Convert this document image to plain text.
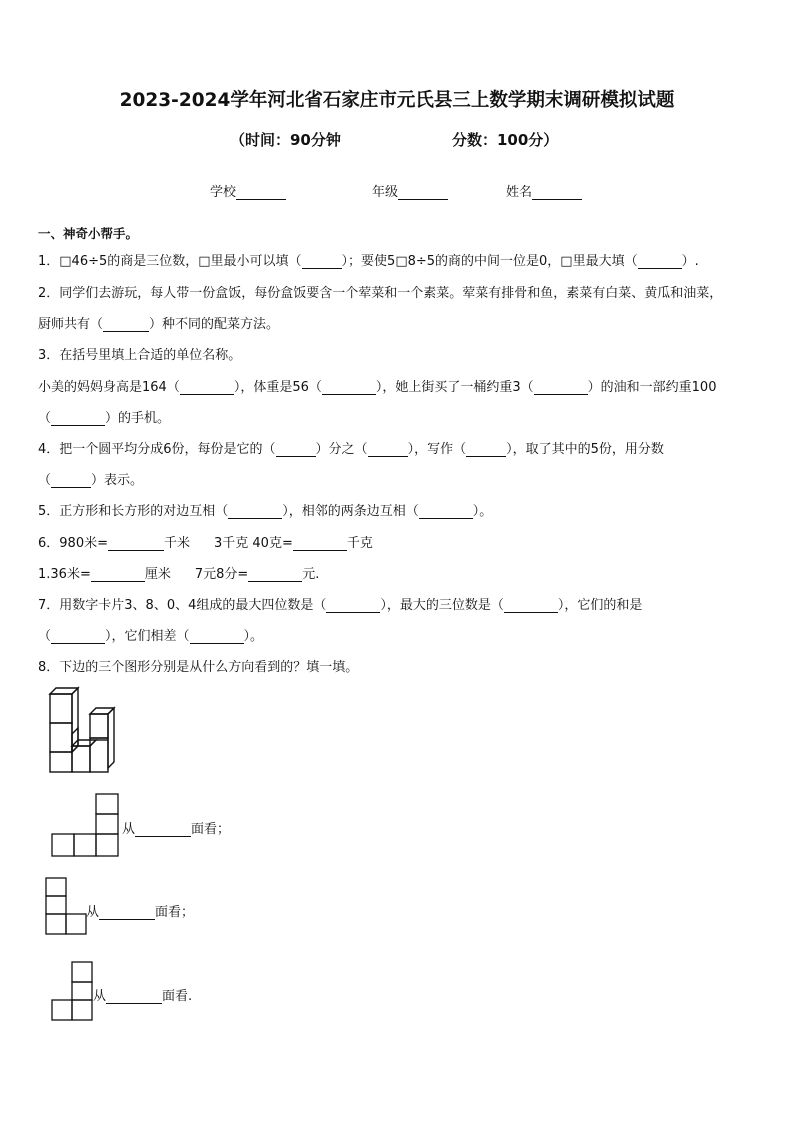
2023-2024学年河北省石家庄市元氏县三上数学期末调研模拟试题
（时间：90分钟	分数：100分）
学校	年级	姓名
一、神奇小帮手。
1．□46÷5的商是三位数，□里最小可以填（	）；要使5□8÷5的商的中间一位是0，□里最大填（	）.
2．同学们去游玩，每人带一份盒饭，每份盒饭要含一个荤菜和一个素菜。荤菜有排骨和鱼，素菜有白菜、黄瓜和油菜，
厨师共有（	）种不同的配菜方法。
3．在括号里填上合适的单位名称。
小美的妈妈身高是164（	），体重是56（	），她上街买了一桶约重3（	）的油和一部约重100
（	）的手机。
4．把一个圆平均分成6份，每份是它的（	）分之（	），写作（	），取了其中的5份，用分数
（	）表示。
5．正方形和长方形的对边互相（	），相邻的两条边互相（	）。
6．980米=	千米 3千克 40克=	千克
1.36米=	厘米 7元8分=	元.
7．用数字卡片3、8、0、4组成的最大四位数是（	），最大的三位数是（	），它们的和是
（	），它们相差（	）。
8．下边的三个图形分别是从什么方向看到的？填一填。
从	面看；
从	面看；
从	面看.
